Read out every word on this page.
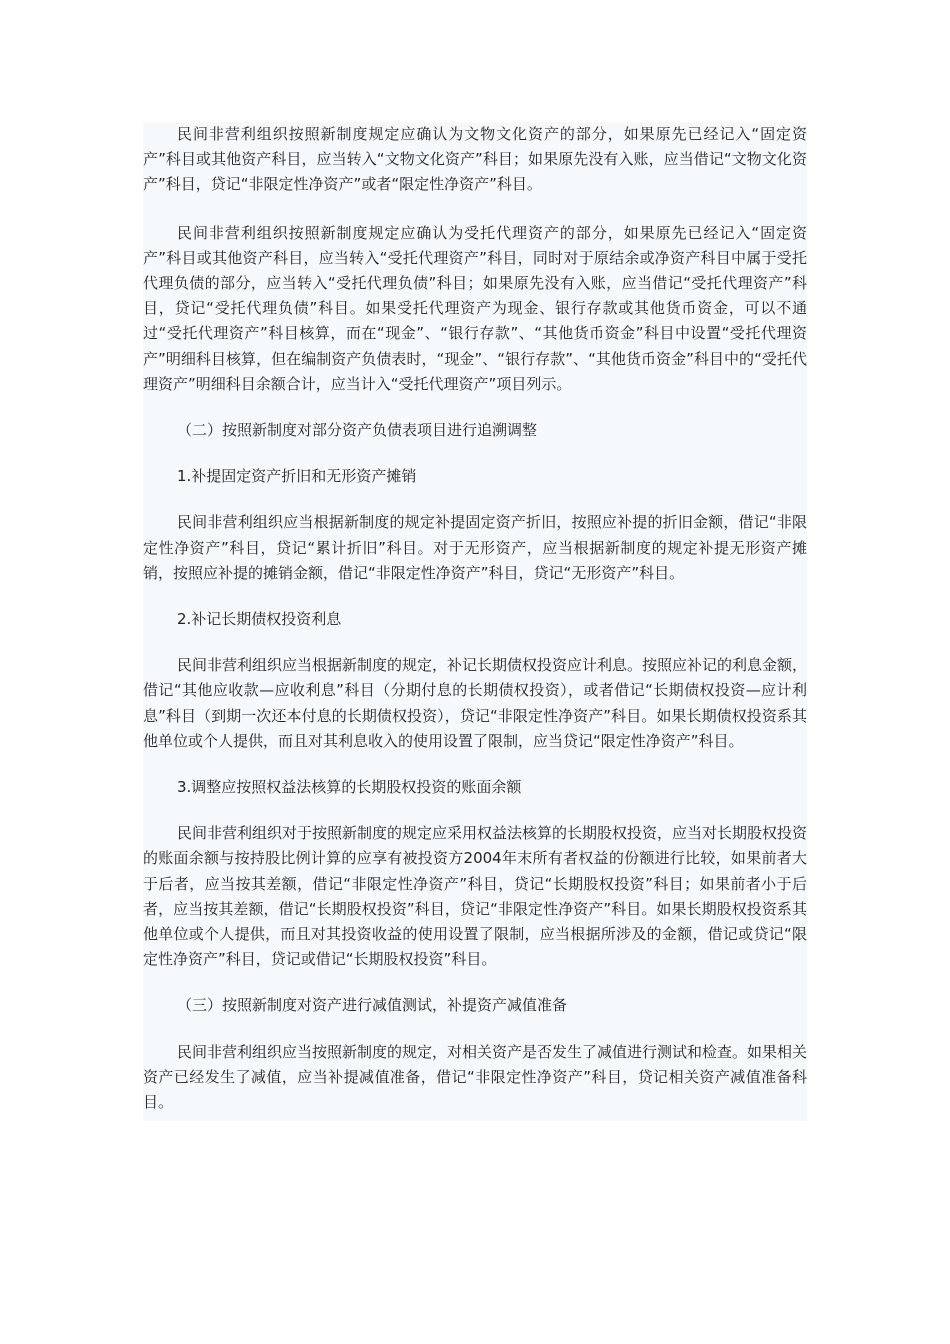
民间非营利组织按照新制度规定应确认为文物文化资产的部分，如果原先已经记入“固定资产”科目或其他资产科目，应当转入“文物文化资产”科目；如果原先没有入账，应当借记“文物文化资产”科目，贷记“非限定性净资产”或者“限定性净资产”科目。

民间非营利组织按照新制度规定应确认为受托代理资产的部分，如果原先已经记入“固定资产”科目或其他资产科目，应当转入“受托代理资产”科目，同时对于原结余或净资产科目中属于受托代理负债的部分，应当转入“受托代理负债”科目；如果原先没有入账，应当借记“受托代理资产”科目，贷记“受托代理负债”科目。如果受托代理资产为现金、银行存款或其他货币资金，可以不通过“受托代理资产”科目核算，而在“现金”、“银行存款”、“其他货币资金”科目中设置“受托代理资产”明细科目核算，但在编制资产负债表时，“现金”、“银行存款”、“其他货币资金”科目中的“受托代理资产”明细科目余额合计，应当计入“受托代理资产”项目列示。

（二）按照新制度对部分资产负债表项目进行追溯调整

1.补提固定资产折旧和无形资产摊销

民间非营利组织应当根据新制度的规定补提固定资产折旧，按照应补提的折旧金额，借记“非限定性净资产”科目，贷记“累计折旧”科目。对于无形资产，应当根据新制度的规定补提无形资产摊销，按照应补提的摊销金额，借记“非限定性净资产”科目，贷记“无形资产”科目。

2.补记长期债权投资利息

民间非营利组织应当根据新制度的规定，补记长期债权投资应计利息。按照应补记的利息金额，借记“其他应收款—应收利息”科目（分期付息的长期债权投资），或者借记“长期债权投资—应计利息”科目（到期一次还本付息的长期债权投资），贷记“非限定性净资产”科目。如果长期债权投资系其他单位或个人提供，而且对其利息收入的使用设置了限制，应当贷记“限定性净资产”科目。

3.调整应按照权益法核算的长期股权投资的账面余额

民间非营利组织对于按照新制度的规定应采用权益法核算的长期股权投资，应当对长期股权投资的账面余额与按持股比例计算的应享有被投资方2004年末所有者权益的份额进行比较，如果前者大于后者，应当按其差额，借记“非限定性净资产”科目，贷记“长期股权投资”科目；如果前者小于后者，应当按其差额，借记“长期股权投资”科目，贷记“非限定性净资产”科目。如果长期股权投资系其他单位或个人提供，而且对其投资收益的使用设置了限制，应当根据所涉及的金额，借记或贷记“限定性净资产”科目，贷记或借记“长期股权投资”科目。

（三）按照新制度对资产进行减值测试，补提资产减值准备

民间非营利组织应当按照新制度的规定，对相关资产是否发生了减值进行测试和检查。如果相关资产已经发生了减值，应当补提减值准备，借记“非限定性净资产”科目，贷记相关资产减值准备科目。
